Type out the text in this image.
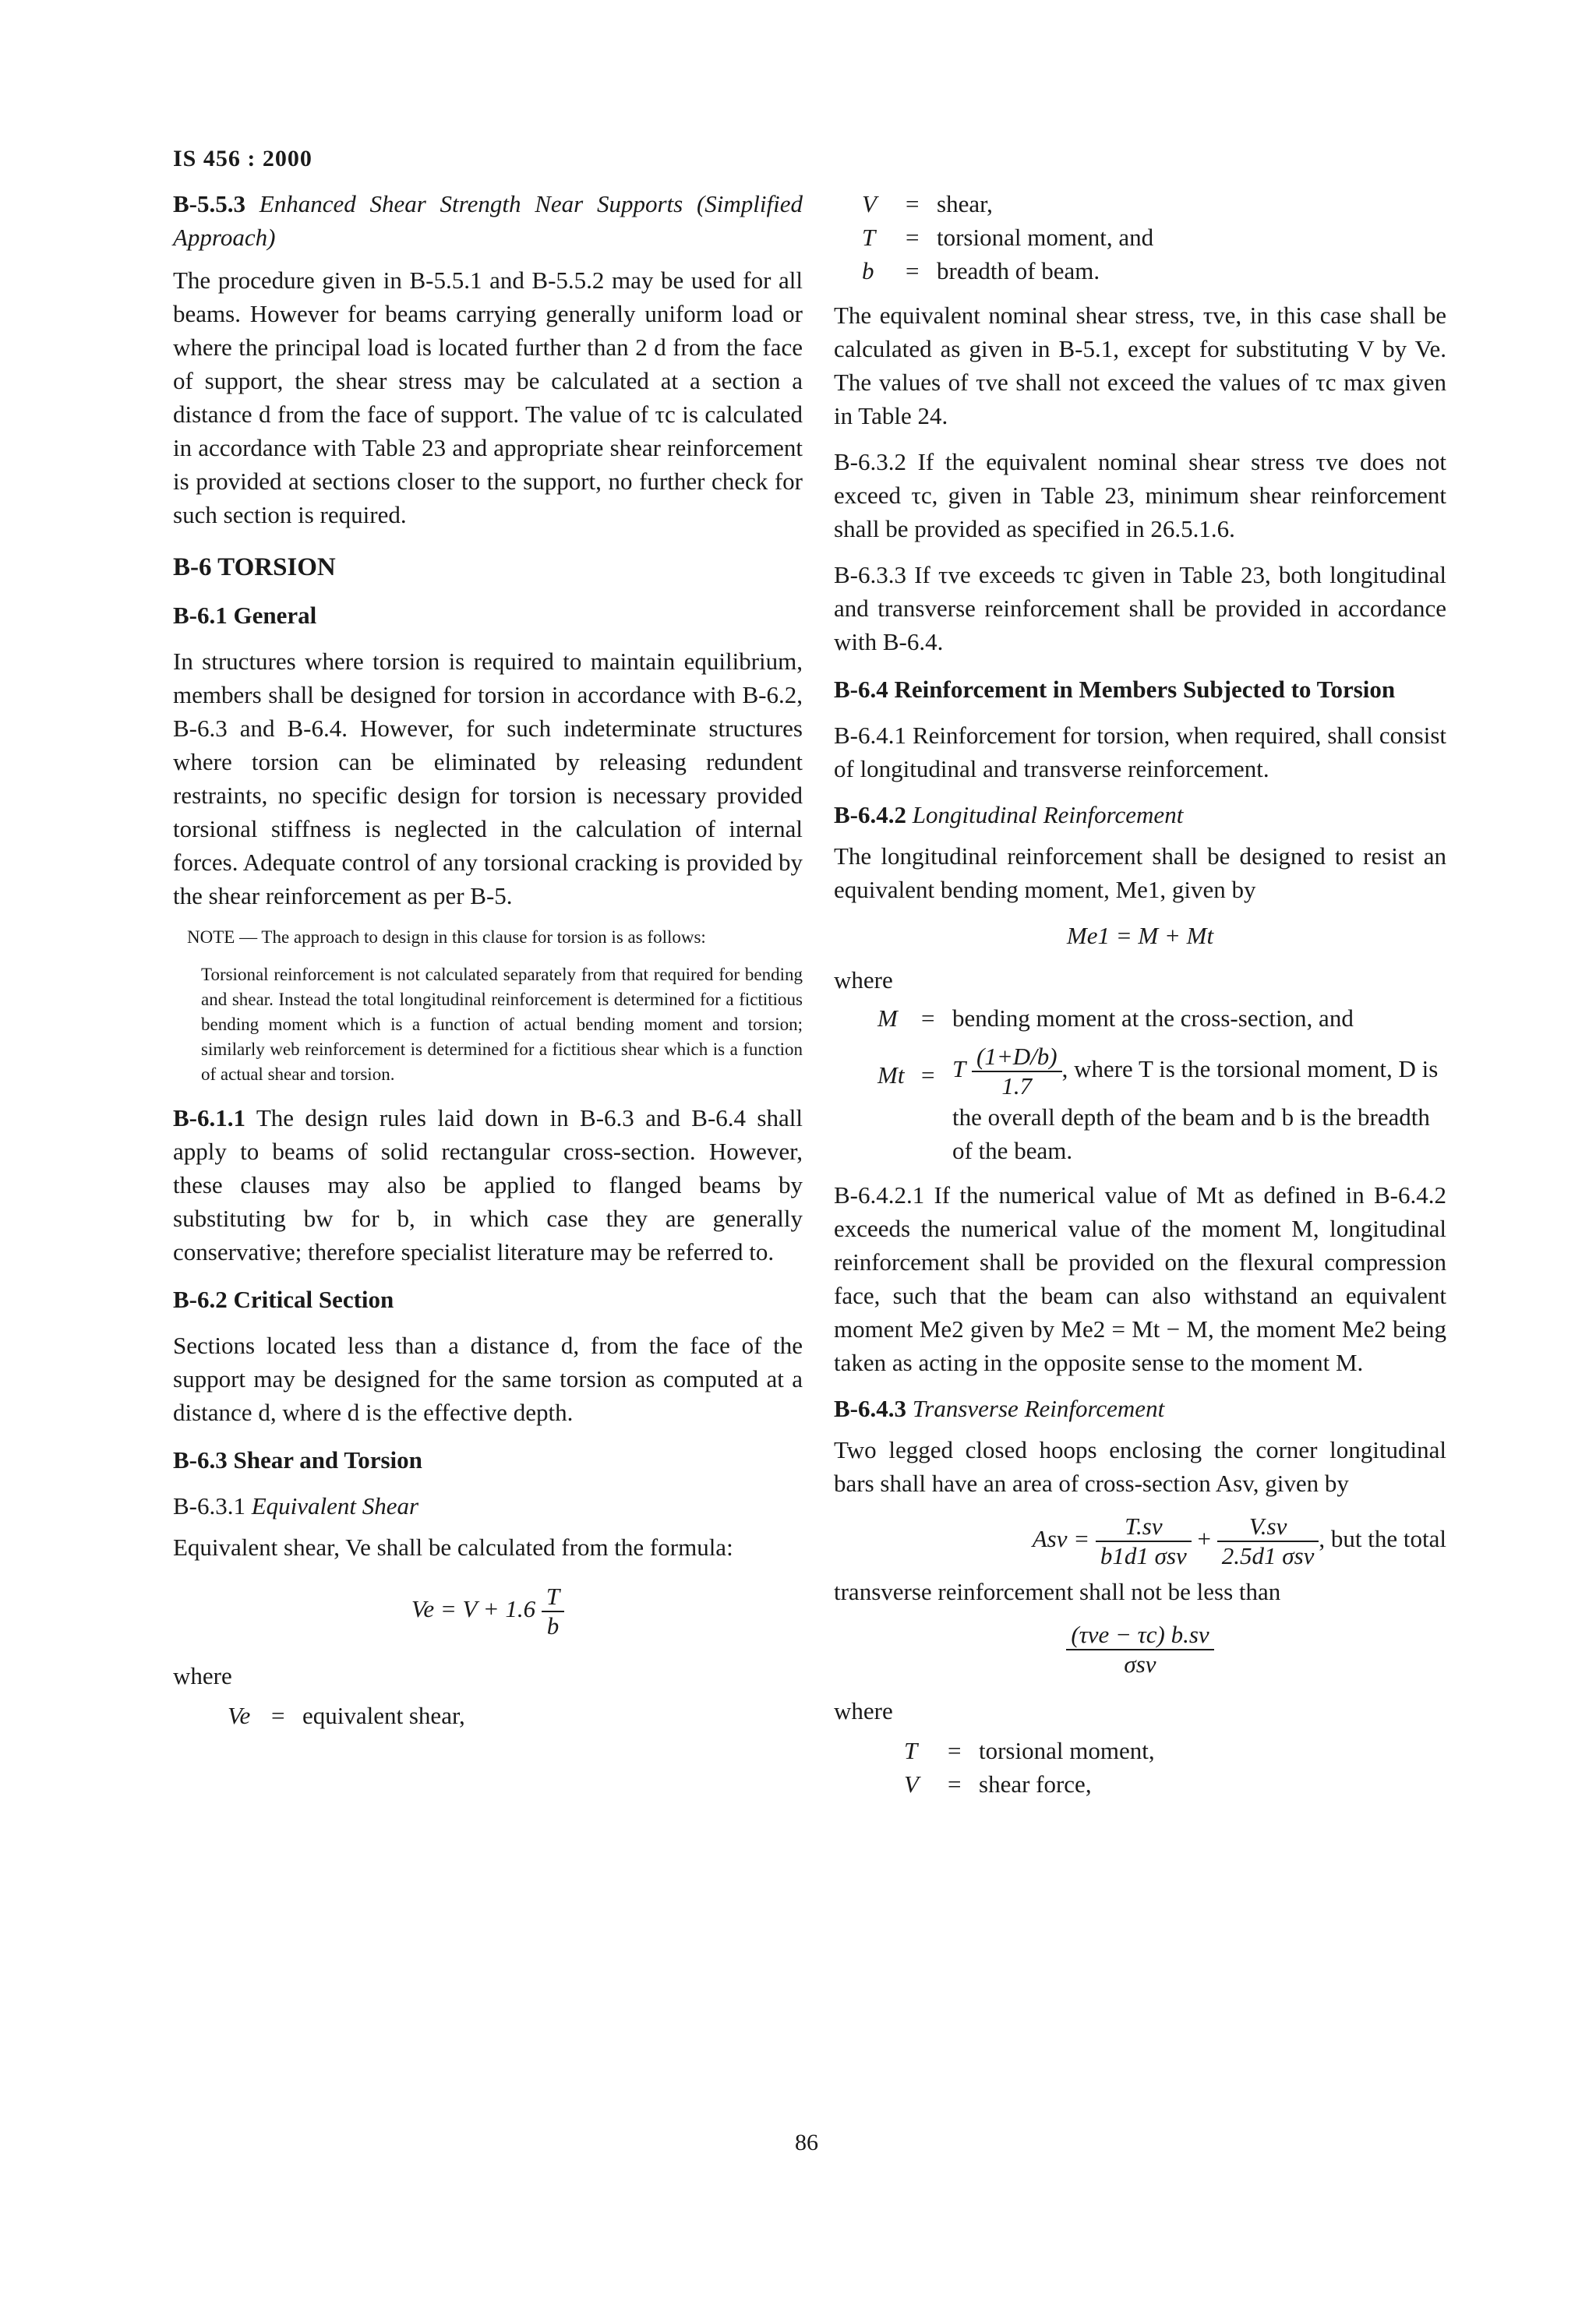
IS 456 : 2000

B-5.5.3 Enhanced Shear Strength Near Supports (Simplified Approach)

The procedure given in B-5.5.1 and B-5.5.2 may be used for all beams. However for beams carrying generally uniform load or where the principal load is located further than 2 d from the face of support, the shear stress may be calculated at a section a distance d from the face of support. The value of τc is calculated in accordance with Table 23 and appropriate shear reinforcement is provided at sections closer to the support, no further check for such section is required.

B-6 TORSION
B-6.1 General

In structures where torsion is required to maintain equilibrium, members shall be designed for torsion in accordance with B-6.2, B-6.3 and B-6.4. However, for such indeterminate structures where torsion can be eliminated by releasing redundent restraints, no specific design for torsion is necessary provided torsional stiffness is neglected in the calculation of internal forces. Adequate control of any torsional cracking is provided by the shear reinforcement as per B-5.

NOTE — The approach to design in this clause for torsion is as follows:
Torsional reinforcement is not calculated separately from that required for bending and shear. Instead the total longitudinal reinforcement is determined for a fictitious bending moment which is a function of actual bending moment and torsion; similarly web reinforcement is determined for a fictitious shear which is a function of actual shear and torsion.

B-6.1.1 The design rules laid down in B-6.3 and B-6.4 shall apply to beams of solid rectangular cross-section. However, these clauses may also be applied to flanged beams by substituting bw for b, in which case they are generally conservative; therefore specialist literature may be referred to.

B-6.2 Critical Section

Sections located less than a distance d, from the face of the support may be designed for the same torsion as computed at a distance d, where d is the effective depth.

B-6.3 Shear and Torsion

B-6.3.1 Equivalent Shear

Equivalent shear, Ve shall be calculated from the formula:

$Ve = V + 1.6 \frac{T}{b}$

where

Ve = equivalent shear,
V	= shear,
T	= torsional moment, and
b	= breadth of beam.

The equivalent nominal shear stress, τve, in this case shall be calculated as given in B-5.1, except for substituting V by Ve. The values of τve shall not exceed the values of τc max given in Table 24.

B-6.3.2 If the equivalent nominal shear stress τve does not exceed τc, given in Table 23, minimum shear reinforcement shall be provided as specified in 26.5.1.6.

B-6.3.3 If τve exceeds τc given in Table 23, both longitudinal and transverse reinforcement shall be provided in accordance with B-6.4.

B-6.4 Reinforcement in Members Subjected to Torsion

B-6.4.1 Reinforcement for torsion, when required, shall consist of longitudinal and transverse reinforcement.

B-6.4.2 Longitudinal Reinforcement

The longitudinal reinforcement shall be designed to resist an equivalent bending moment, Me1, given by

Me1 = M + Mt

where

M = bending moment at the cross-section, and
Mt = T $\frac{(1+D/b)}{1.7}$ , where T is the torsional moment, D is the overall depth of the beam and b is the breadth of the beam.

B-6.4.2.1 If the numerical value of Mt as defined in B-6.4.2 exceeds the numerical value of the moment M, longitudinal reinforcement shall be provided on the flexural compression face, such that the beam can also withstand an equivalent moment Me2 given by Me2 = Mt − M, the moment Me2 being taken as acting in the opposite sense to the moment M.

B-6.4.3 Transverse Reinforcement

Two legged closed hoops enclosing the corner longitudinal bars shall have an area of cross-section Asv, given by

Asv = $\frac{T.sv}{\text{b1d1 σsv}} + \frac{V.sv}{\text{2.5d1 σsv}}$ , but the total

transverse reinforcement shall not be less than

$\frac{\text{(τve − τc) b.sv}}{\text{σsv}}$

where

T	= torsional moment,
V	= shear force,
86
